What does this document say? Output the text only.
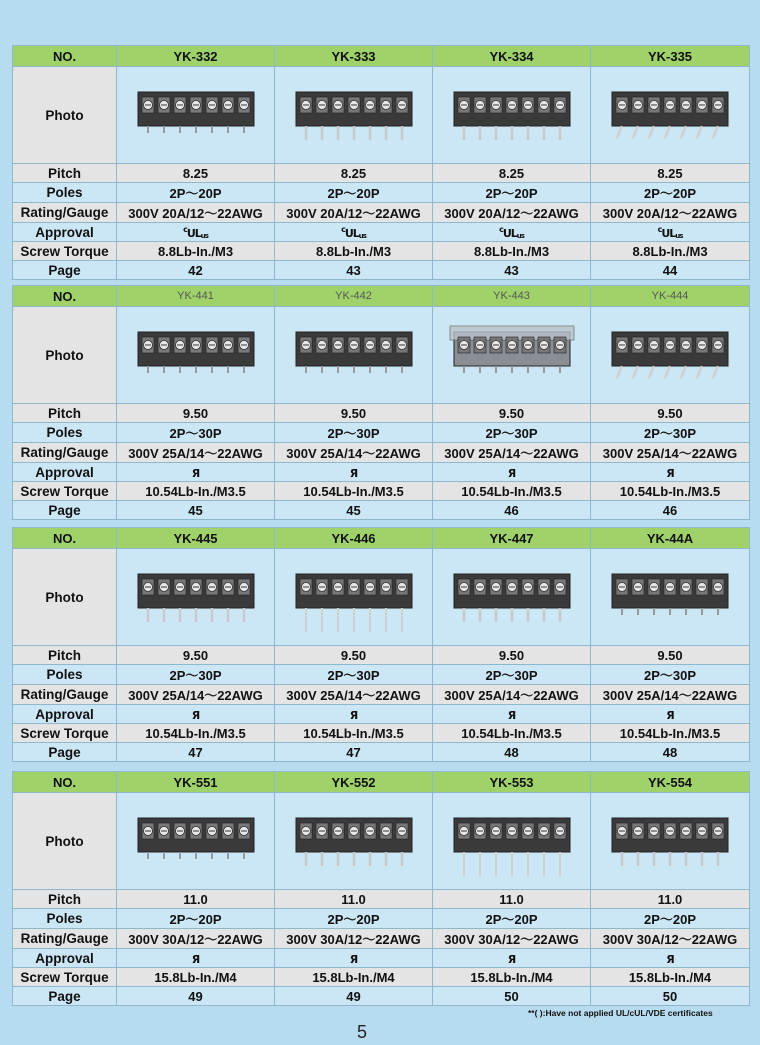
NO.	YK-332	YK-333	YK-334	YK-335
Photo	

Pitch	8.25	8.25	8.25	8.25
Poles	2P～20P	2P～20P	2P～20P	2P～20P
Rating/Gauge	300V 20A/12～22AWG	300V 20A/12～22AWG	300V 20A/12～22AWG	300V 20A/12～22AWG
Approval	$^c$ULus	$^c$ULus	$^c$ULus	$^c$ULus
Screw Torque	8.8Lb-In./M3	8.8Lb-In./M3	8.8Lb-In./M3	8.8Lb-In./M3
Page	42	43	43	44
NO.	YK-441	YK-442	YK-443	YK-444
Photo	

Pitch	9.50	9.50	9.50	9.50
Poles	2P～30P	2P～30P	2P～30P	2P～30P
Rating/Gauge	300V 25A/14～22AWG	300V 25A/14～22AWG	300V 25A/14～22AWG	300V 25A/14～22AWG
Approval	Я	Я	Я	Я
Screw Torque	10.54Lb-In./M3.5	10.54Lb-In./M3.5	10.54Lb-In./M3.5	10.54Lb-In./M3.5
Page	45	45	46	46
NO.	YK-445	YK-446	YK-447	YK-44A
Photo	

Pitch	9.50	9.50	9.50	9.50
Poles	2P～30P	2P～30P	2P～30P	2P～30P
Rating/Gauge	300V 25A/14～22AWG	300V 25A/14～22AWG	300V 25A/14～22AWG	300V 25A/14～22AWG
Approval	Я	Я	Я	Я
Screw Torque	10.54Lb-In./M3.5	10.54Lb-In./M3.5	10.54Lb-In./M3.5	10.54Lb-In./M3.5
Page	47	47	48	48
NO.	YK-551	YK-552	YK-553	YK-554
Photo	

Pitch	11.0	11.0	11.0	11.0
Poles	2P～20P	2P～20P	2P～20P	2P～20P
Rating/Gauge	300V 30A/12～22AWG	300V 30A/12～22AWG	300V 30A/12～22AWG	300V 30A/12～22AWG
Approval	Я	Я	Я	Я
Screw Torque	15.8Lb-In./M4	15.8Lb-In./M4	15.8Lb-In./M4	15.8Lb-In./M4
Page	49	49	50	50
**( ):Have not applied UL/cUL/VDE certificates
5
